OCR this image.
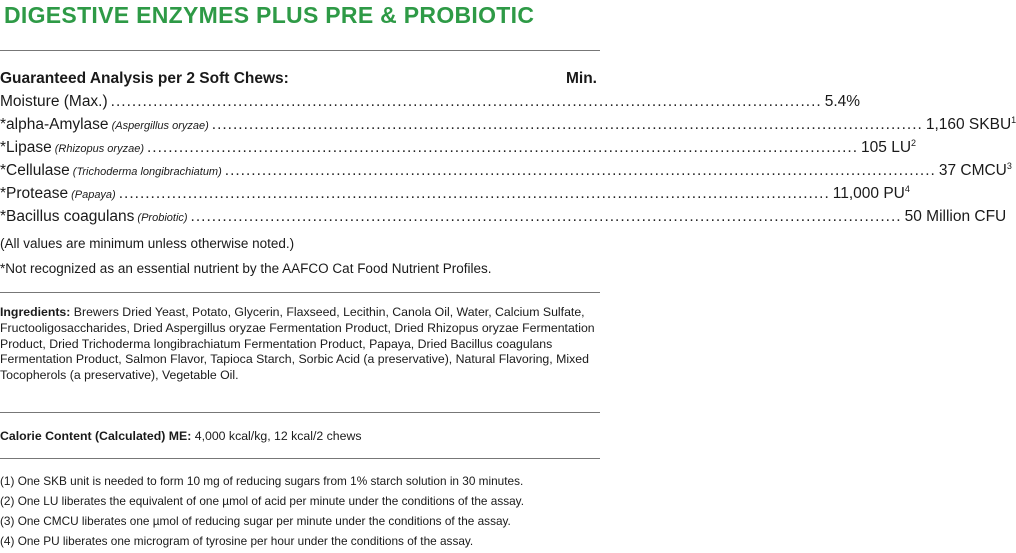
DIGESTIVE ENZYMES PLUS PRE & PROBIOTIC
Guaranteed Analysis per 2 Soft Chews:	Min.
Moisture (Max.) ...................................................................................................................................... 5.4%
*alpha-Amylase (Aspergillus oryzae) ...................................................................................................................................... 1,160 SKBU$^1$
*Lipase (Rhizopus oryzae) ...................................................................................................................................... 105 $LU^2$
*Cellulase (Trichoderma longibrachiatum) ...................................................................................................................................... 37 CMCU$^3$
*Protease (Papaya) ...................................................................................................................................... 11,000 $PU^4$
*Bacillus coagulans (Probiotic) ...................................................................................................................................... 50 Million CFU
(All values are minimum unless otherwise noted.)
*Not recognized as an essential nutrient by the AAFCO Cat Food Nutrient Profiles.
Ingredients: Brewers Dried Yeast, Potato, Glycerin, Flaxseed, Lecithin, Canola Oil, Water, Calcium Sulfate, Fructooligosaccharides, Dried Aspergillus oryzae Fermentation Product, Dried Rhizopus oryzae Fermentation Product, Dried Trichoderma longibrachiatum Fermentation Product, Papaya, Dried Bacillus coagulans Fermentation Product, Salmon Flavor, Tapioca Starch, Sorbic Acid (a preservative), Natural Flavoring, Mixed Tocopherols (a preservative), Vegetable Oil.
Calorie Content (Calculated) ME: 4,000 kcal/kg, 12 kcal/2 chews
(1) One SKB unit is needed to form 10 mg of reducing sugars from 1% starch solution in 30 minutes.
(2) One LU liberates the equivalent of one µmol of acid per minute under the conditions of the assay.
(3) One CMCU liberates one µmol of reducing sugar per minute under the conditions of the assay.
(4) One PU liberates one microgram of tyrosine per hour under the conditions of the assay.
